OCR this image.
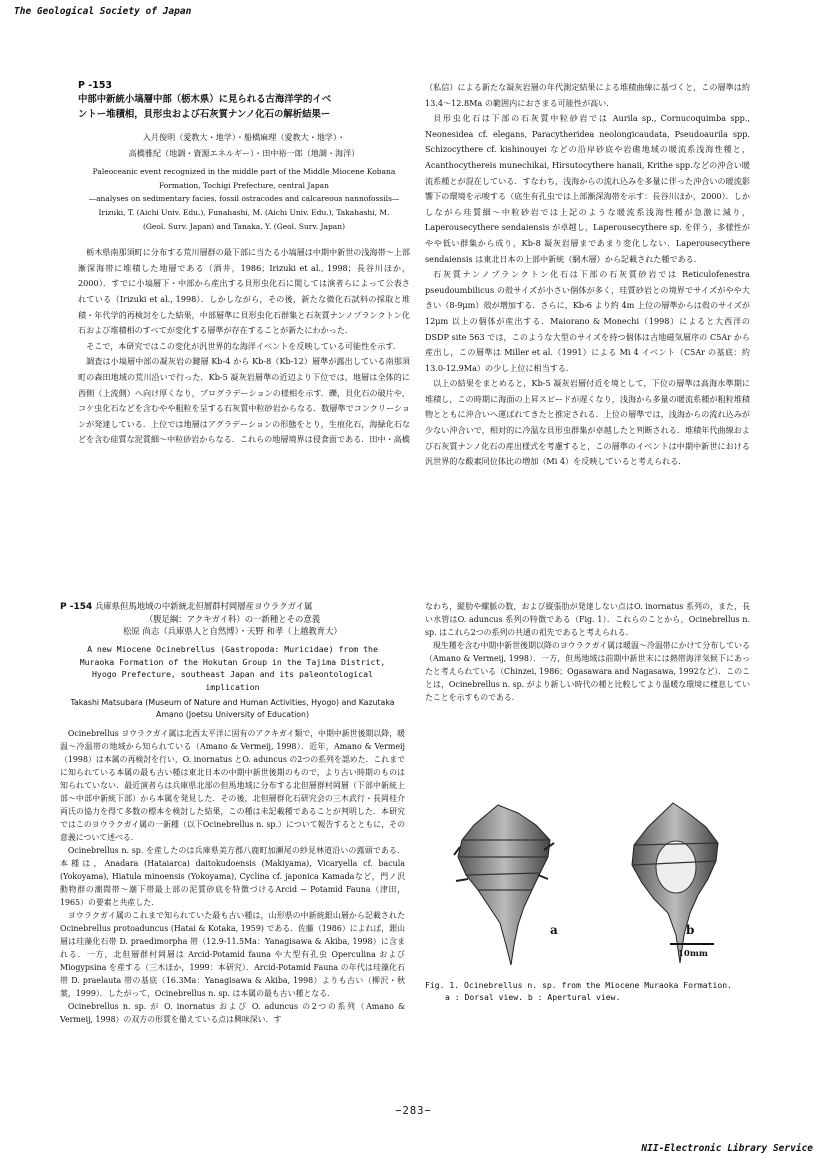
The Geological Society of Japan
P -153
中部中新統小塙層中部（栃木県）に見られる古海洋学的イベ
ントー堆積相，貝形虫および石灰質ナンノ化石の解析結果ー
入月俊明（愛教大・地学）・船橋麻理（愛教大・地学）・
高橋雅紀（地調・資源エネルギー）・田中裕一郎（地調・海洋）
Paleoceanic event recognized in the middle part of the Middle Miocene Kobana
Formation, Tochigi Prefecture, central Japan
—analyses on sedimentary facies, fossil ostracodes and calcareous nannofossils—
Irizuki, T. (Aichi Univ. Edu.), Funahashi, M. (Aichi Univ. Edu.), Takahashi, M.
(Geol. Surv. Japan) and Tanaka, Y. (Geol. Surv. Japan)

栃木県南那須町に分布する荒川層群の最下部に当たる小塙層は中期中新世の浅海帯〜上部漸深海帯に堆積した地層である（酒井，1986；Irizuki et al., 1998；長谷川ほか，2000）．すでに小塙層下・中部から産出する貝形虫化石に関しては演者らによって公表されている（Irizuki et al., 1998）．しかしながら，その後，新たな微化石試料の採取と堆積・年代学的再検討をした結果，中部層準に貝形虫化石群集と石灰質ナンノプランクトン化石および堆積相のすべてが変化する層準が存在することが新たにわかった．

そこで，本研究ではこの変化が汎世界的な海洋イベントを反映している可能性を示す．

調査は小塙層中部の凝灰岩の鍵層 Kb-4 から Kb-8（Kb-12）層準が露出している南那須町の森田地域の荒川沿いで行った．Kb-5 凝灰岩層準の近辺より下位では，地層は全体的に西側（上流側）へ向け厚くなり，プログラデーションの様相を示す．礫，貝化石の破片や，コケ虫化石などを含むやや粗粒を呈する石灰質中粒砂岩からなる．数層準でコンクリーションが発達している．上位では地層はアグラデーションの形態をとり，生痕化石，海緑化石などを含む硅質な泥質細〜中粒砂岩からなる．これらの地層境界は侵食面である．田中・高橋

（私信）による新たな凝灰岩層の年代測定結果による堆積曲線に基づくと，この層準は約 13.4〜12.8Ma の範囲内におさまる可能性が高い．

貝形虫化石は下部の石灰質中粒砂岩では Aurila sp., Cornucoquimba spp., Neonesidea cf. elegans, Paracytheridea neolongicaudata, Pseudoaurila spp. Schizocythere cf. kishinouyei などの沿岸砂底や岩礁地域の暖流系浅海性種と，Acanthocythereis munechikai, Hirsutocythere hanaii, Krithe spp.などの沖合い暖流系種とが混在している．すなわち，浅海からの流れ込みを多量に伴った沖合いの暖流影響下の環境を示唆する（底生有孔虫では上部漸深海帯を示す：長谷川ほか，2000）．しかしながら珪質細〜中粒砂岩では上記のような暖流系浅海性種が急激に減り，Laperousecythere sendaiensis が卓越し，Laperousecythere sp. を伴う，多様性がやや低い群集から成り，Kb-8 凝灰岩層まであまり変化しない．Laperousecythere sendaiensis は東北日本の上部中新統（網木層）から記載された種である．

石灰質ナンノプランクトン化石は下部の石灰質砂岩では Reticulofenestra pseudoumbilicus の殻サイズが小さい個体が多く，珪質砂岩との境界でサイズがやや大きい（8-9μm）殻が増加する．さらに，Kb-6 より約 4m 上位の層準からは殻のサイズが 12μm 以上の個体が産出する．Maiorano & Monechi（1998）によると大西洋の DSDP site 563 では，このような大型のサイズを持つ個体は古地磁気層序の C5Ar から産出し，この層準は Miller et al.（1991）による Mi 4 イベント（C5Ar の基底：約 13.0-12.9Ma）の少し上位に相当する．

以上の結果をまとめると，Kb-5 凝灰岩層付近を境として，下位の層準は高海水準期に堆積し，この時期に海面の上昇スピードが遅くなり，浅海から多量の暖流系種が粗粒堆積物とともに沖合いへ運ばれてきたと推定される．上位の層準では，浅海からの流れ込みが少ない沖合いで，相対的に冷温な貝形虫群集が卓越したと判断される．堆積年代曲線および石灰質ナンノ化石の産出様式を考慮すると，この層準のイベントは中期中新世における汎世界的な酸素同位体比の増加（Mi 4）を反映していると考えられる．

P -154 兵庫県但馬地域の中新統北但層群村岡層産ヨウラクガイ属
（腹足綱：アクキガイ科）の一新種とその意義
松原 尚志（兵庫県人と自然博）・天野 和孝（上越教育大）
A new Miocene Ocinebrellus (Gastropoda: Muricidae) from the Muraoka Formation of the Hokutan Group in the Tajima District, Hyogo Prefecture, southeast Japan and its paleontological implication
Takashi Matsubara (Museum of Nature and Human Activities, Hyogo) and Kazutaka Amano (Joetsu University of Education)

Ocinebrellus ヨウラクガイ属は北西太平洋に固有のアクキガイ類で，中期中新世後期以降，暖温〜冷温帯の地域から知られている（Amano & Vermeij, 1998）．近年，Amano & Vermeij（1998）は本属の再検討を行い，O. inornatus とO. aduncus の2つの系列を認めた．これまでに知られている本属の最も古い種は東北日本の中期中新世後期のもので，より古い時期のものは知られていない．最近演者らは兵庫県北部の但馬地域に分布する北但層群村岡層（下部中新統上部〜中部中新統下部）から本属を発見した．その後，北但層群化石研究会の三木武行・長岡桂介両氏の協力を得て多数の標本を検討した結果，この種は未記載種であることが判明した．本研究ではこのヨウラクガイ属の一新種（以下Ocinebrellus n. sp.）について報告するとともに，その意義について述べる．

Ocinebrellus n. sp. を産したのは兵庫県美方郡八鹿町加瀬尾の紗見林道沿いの露頭である．本種は，Anadara (Hataiarca) daitokudoensis (Makiyama), Vicaryella cf. bacula (Yokoyama), Hiatula minoensis (Yokoyama), Cyclina cf. japonica Kamadaなど，門ノ沢動物群の潮間帯〜潮下帯最上部の泥質砂底を特徴づけるArcid − Potamid Fauna（津田，1965）の要素と共産した．

ヨウラクガイ属のこれまで知られていた最も古い種は，山形県の中新統銀山層から記載されたOcinebrellus protoaduncus (Hatai & Kotaka, 1959) である．佐藤（1986）によれば，銀山層は珪藻化石帯 D. praedimorpha 帯（12.9-11.5Ma：Yanagisawa & Akiba, 1998）に含まれる．一方，北但層群村岡層は Arcid-Potamid fauna や大型有孔虫 Operculina および Miogypsina を産する（三木ほか，1999：本研究）．Arcid-Potamid Fauna の年代は珪藻化石帯 D. praelauta 帯の基底（16.3Ma：Yanagisawa & Akiba, 1998）よりも古い（柳沢・秋葉，1999）．したがって，Ocinebrellus n. sp. は本属の最も古い種となる．

Ocinebrellus n. sp. が O. inornatus および O. aduncus の2つの系列（Amano & Vermeij, 1998）の双方の形質を備えている点は興味深い．す

なわち，縦肋や螺脈の数，および縦張肋が発達しない点はO. inornatus 系列の，また，長い水管はO. aduncus 系列の特徴である（Fig. 1）．これらのことから，Ocinebrellus n. sp. はこれら2つの系列の共通の祖先であると考えられる．

現生種を含む中期中新世後期以降のヨウラクガイ属は暖温〜冷温帯にかけて分布している（Amano & Vermeij, 1998）．一方，但馬地域は前期中新世末には熱帯海洋気候下にあったと考えられている（Chinzei, 1986；Ogasawara and Nagasawa, 1992など）．このことは，Ocinebrellus n. sp. がより新しい時代の種と比較してより温暖な環境に棲息していたことを示すものである．

a	b
10mm
Fig. 1. Ocinebrellus n. sp. from the Miocene Muraoka Formation.
a : Dorsal view. b : Apertural view.
−283−
NII-Electronic Library Service
